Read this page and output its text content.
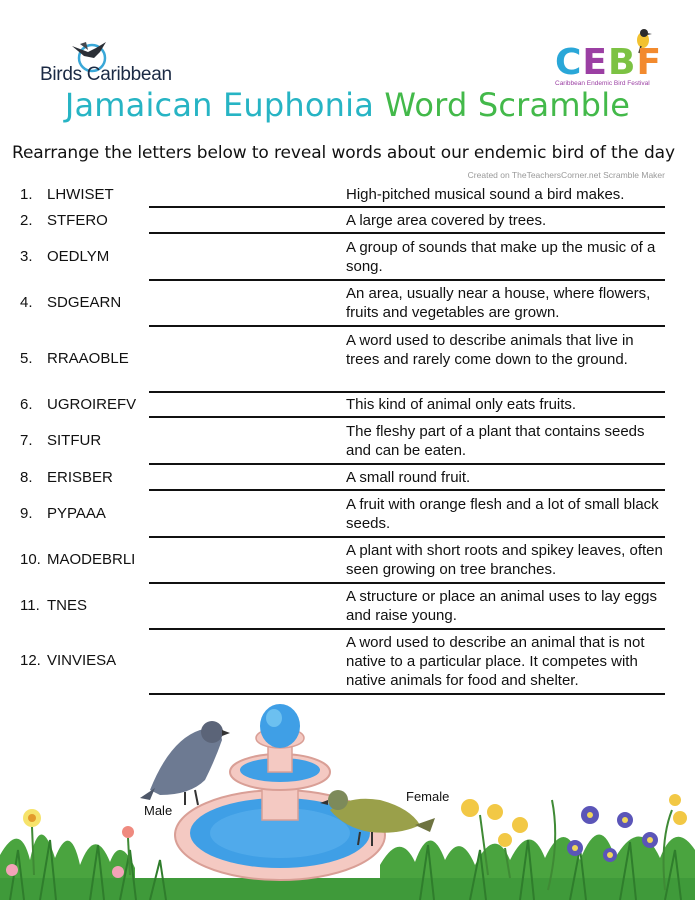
Birds Caribbean	CEBF
Caribbean Endemic Bird Festival
Jamaican Euphonia Word Scramble
Rearrange the letters below to reveal words about our endemic bird of the day
Created on TheTeachersCorner.net Scramble Maker
1. LHWISET	High-pitched musical sound a bird makes.
2. STFERO	A large area covered by trees.
3. OEDLYM
A group of sounds that make up the music of a song.
4. SDGEARN
An area, usually near a house, where flowers, fruits and vegetables are grown.
5. RRAAOBLE
A word used to describe animals that live in trees and rarely come down to the ground.
6. UGROIREFV	This kind of animal only eats fruits.
7. SITFUR
The fleshy part of a plant that contains seeds and can be eaten.
8. ERISBER	A small round fruit.
9. PYPAAA
A fruit with orange flesh and a lot of small black seeds.
10. MAODEBRLI
A plant with short roots and spikey leaves, often seen growing on tree branches.
11. TNES
A structure or place an animal uses to lay eggs and raise young.
12. VINVIESA
A word used to describe an animal that is not native to a particular place. It competes with native animals for food and shelter.
Male
Female
